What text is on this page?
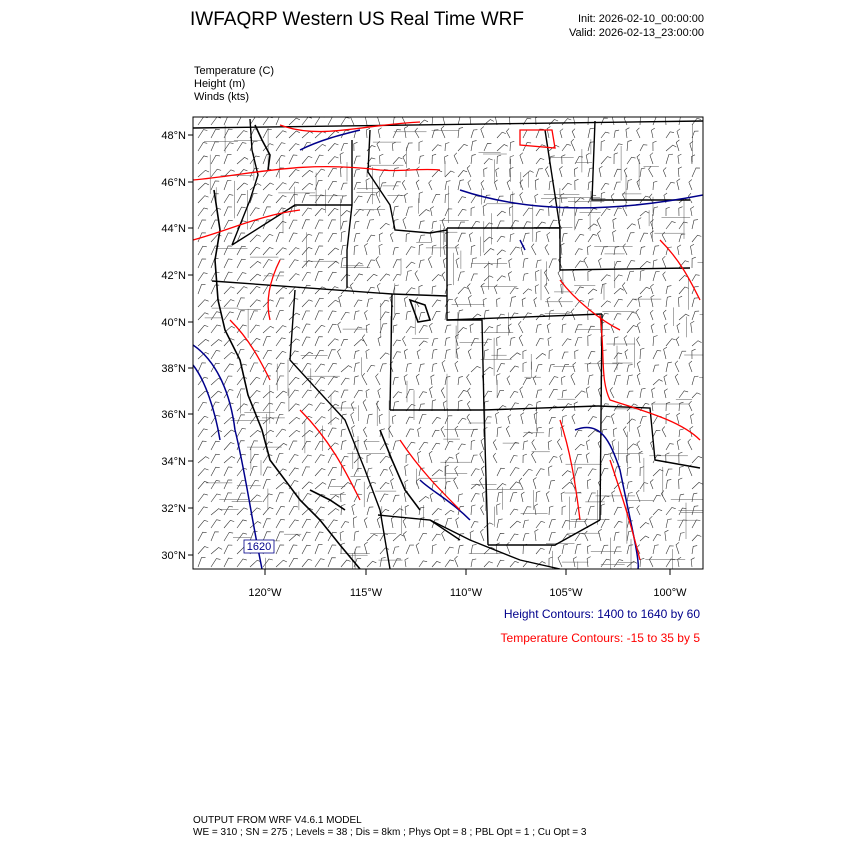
IWFAQRP Western US Real Time WRF	Init: 2026-02-10_00:00:00
Valid: 2026-02-13_23:00:00
Temperature (C)
Height (m)
Winds (kts)
48°N
46°N
44°N
42°N
40°N
38°N
36°N
34°N
32°N
30°N
120°W	115°W	110°W	105°W	100°W
1620
Height Contours: 1400 to 1640 by 60
Temperature Contours: -15 to 35 by 5
OUTPUT FROM WRF V4.6.1 MODEL
WE = 310 ; SN = 275 ; Levels = 38 ; Dis = 8km ; Phys Opt = 8 ; PBL Opt = 1 ; Cu Opt = 3
